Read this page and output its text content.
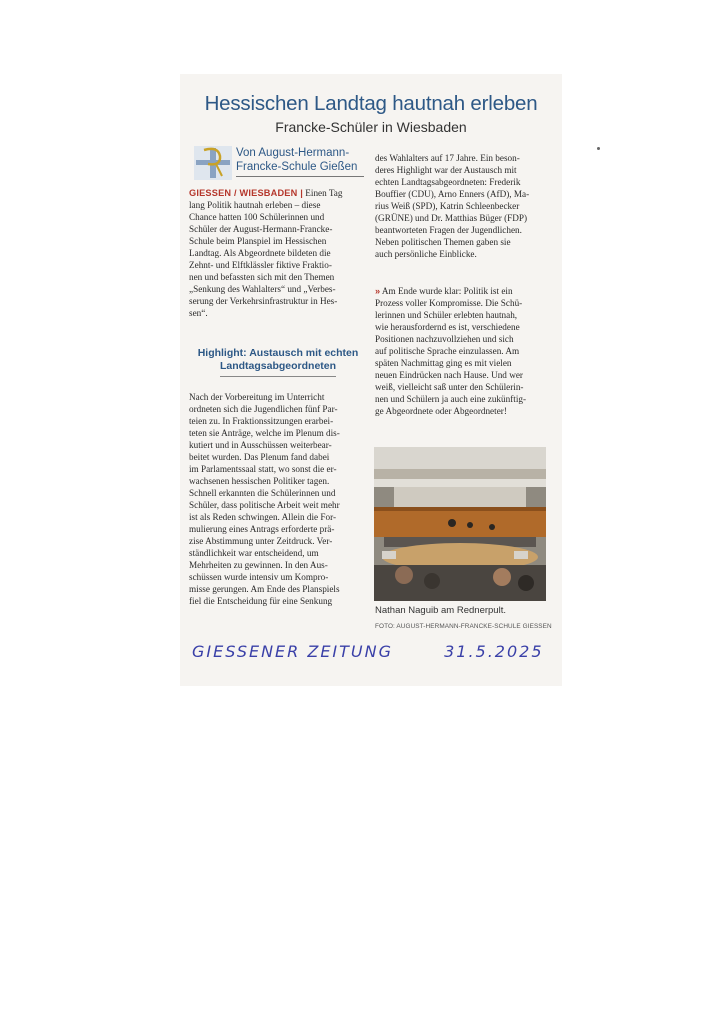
Hessischen Landtag hautnah erleben
Francke-Schüler in Wiesbaden
Von August-Hermann-
Francke-Schule Gießen

GIESSEN / WIESBADEN | Einen Tag

lang Politik hautnah erleben – diese

Chance hatten 100 Schülerinnen und

Schüler der August-Hermann-Francke-

Schule beim Planspiel im Hessischen

Landtag. Als Abgeordnete bildeten die

Zehnt- und Elftklässler fiktive Fraktio-

nen und befassten sich mit den Themen

„Senkung des Wahlalters“ und „Verbes-

serung der Verkehrsinfrastruktur in Hes-

sen“.

Highlight: Austausch mit echten
Landtagsabgeordneten

Nach der Vorbereitung im Unterricht

ordneten sich die Jugendlichen fünf Par-

teien zu. In Fraktionssitzungen erarbei-

teten sie Anträge, welche im Plenum dis-

kutiert und in Ausschüssen weiterbear-

beitet wurden. Das Plenum fand dabei

im Parlamentssaal statt, wo sonst die er-

wachsenen hessischen Politiker tagen.

Schnell erkannten die Schülerinnen und

Schüler, dass politische Arbeit weit mehr

ist als Reden schwingen. Allein die For-

mulierung eines Antrags erforderte prä-

zise Abstimmung unter Zeitdruck. Ver-

ständlichkeit war entscheidend, um

Mehrheiten zu gewinnen. In den Aus-

schüssen wurde intensiv um Kompro-

misse gerungen. Am Ende des Planspiels

fiel die Entscheidung für eine Senkung

des Wahlalters auf 17 Jahre. Ein beson-

deres Highlight war der Austausch mit

echten Landtagsabgeordneten: Frederik

Bouffier (CDU), Arno Enners (AfD), Ma-

rius Weiß (SPD), Katrin Schleenbecker

(GRÜNE) und Dr. Matthias Büger (FDP)

beantworteten Fragen der Jugendlichen.

Neben politischen Themen gaben sie

auch persönliche Einblicke.

» Am Ende wurde klar: Politik ist ein

Prozess voller Kompromisse. Die Schü-

lerinnen und Schüler erlebten hautnah,

wie herausfordernd es ist, verschiedene

Positionen nachzuvollziehen und sich

auf politische Sprache einzulassen. Am

späten Nachmittag ging es mit vielen

neuen Eindrücken nach Hause. Und wer

weiß, vielleicht saß unter den Schülerin-

nen und Schülern ja auch eine zukünftig-

ge Abgeordnete oder Abgeordneter!

Nathan Naguib am Rednerpult.
FOTO: AUGUST-HERMANN-FRANCKE-SCHULE GIESSEN
GIESSENER ZEITUNG	31.5.2025
